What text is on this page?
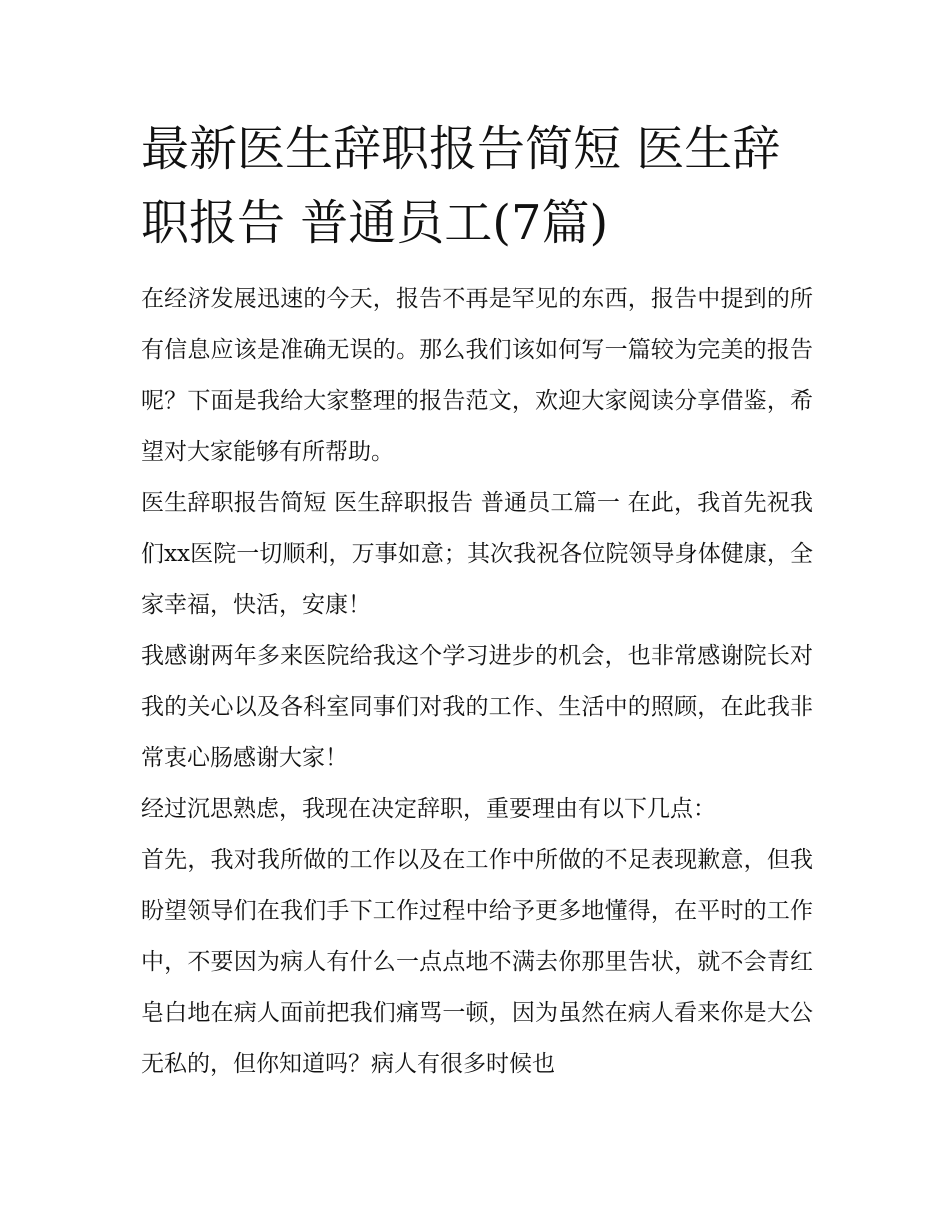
最新医生辞职报告简短 医生辞职报告 普通员工(7篇)

在经济发展迅速的今天，报告不再是罕见的东西，报告中提到的所有信息应该是准确无误的。那么我们该如何写一篇较为完美的报告呢？下面是我给大家整理的报告范文，欢迎大家阅读分享借鉴，希望对大家能够有所帮助。

医生辞职报告简短 医生辞职报告 普通员工篇一 在此，我首先祝我们xx医院一切顺利，万事如意；其次我祝各位院领导身体健康，全家幸福，快活，安康！

我感谢两年多来医院给我这个学习进步的机会，也非常感谢院长对我的关心以及各科室同事们对我的工作、生活中的照顾，在此我非常衷心肠感谢大家！

经过沉思熟虑，我现在决定辞职，重要理由有以下几点：

首先，我对我所做的工作以及在工作中所做的不足表现歉意，但我盼望领导们在我们手下工作过程中给予更多地懂得，在平时的工作中，不要因为病人有什么一点点地不满去你那里告状，就不会青红皂白地在病人面前把我们痛骂一顿，因为虽然在病人看来你是大公无私的，但你知道吗？病人有很多时候也
